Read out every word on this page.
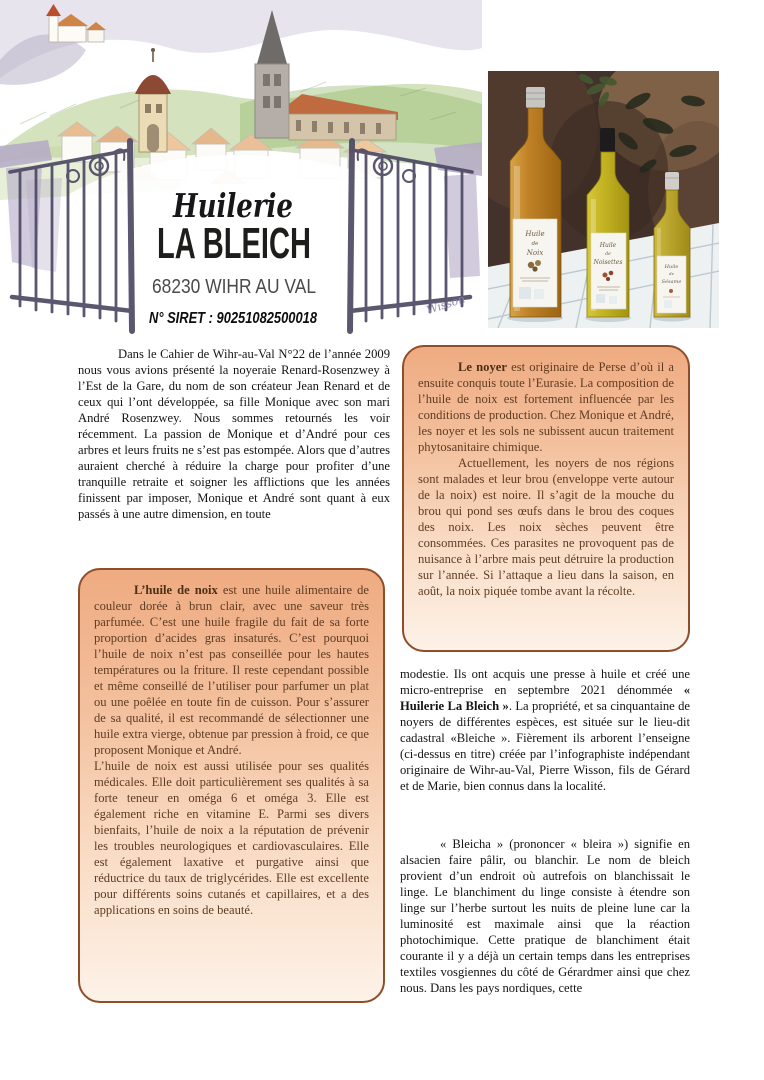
Wisson
Huilerie
LA BLEICH
68230 WIHR AU VAL
N° SIRET : 90251082500018
Huile
de
Noix
Huile
de
Noisettes
Huile
de
Sésame

Dans le Cahier de Wihr-au-Val N°22 de l’année 2009 nous vous avions présenté la noyeraie Renard-Rosenzwey à l’Est de la Gare, du nom de son créateur Jean Renard et de ceux qui l’ont développée, sa fille Monique avec son mari André Rosenzwey. Nous sommes retournés les voir récemment. La passion de Monique et d’André pour ces arbres et leurs fruits ne s’est pas estompée. Alors que d’autres auraient cherché à réduire la charge pour profiter d’une tranquille retraite et soigner les afflictions que les années finissent par imposer, Monique et André sont quant à eux passés à une autre dimension, en toute

Le noyer est originaire de Perse d’où il a ensuite conquis toute l’Eurasie. La composition de l’huile de noix est fortement influencée par les conditions de production. Chez Monique et André, les noyer et les sols ne subissent aucun traitement phytosanitaire chimique.

Actuellement, les noyers de nos régions sont malades et leur brou (enveloppe verte autour de la noix) est noire. Il s’agit de la mouche du brou qui pond ses œufs dans le brou des coques des noix. Les noix sèches peuvent être consommées. Ces parasites ne provoquent pas de nuisance à l’arbre mais peut détruire la production sur l’année. Si l’attaque a lieu dans la saison, en août, la noix piquée tombe avant la récolte.

L’huile de noix est une huile alimentaire de couleur dorée à brun clair, avec une saveur très parfumée. C’est une huile fragile du fait de sa forte proportion d’acides gras insaturés. C’est pourquoi l’huile de noix n’est pas conseillée pour les hautes températures ou la friture. Il reste cependant possible et même conseillé de l’utiliser pour parfumer un plat ou une poêlée en toute fin de cuisson. Pour s’assurer de sa qualité, il est recommandé de sélectionner une huile extra vierge, obtenue par pression à froid, ce que proposent Monique et André.

L’huile de noix est aussi utilisée pour ses qualités médicales. Elle doit particulièrement ses qualités à sa forte teneur en oméga 6 et oméga 3. Elle est également riche en vitamine E. Parmi ses divers bienfaits, l’huile de noix a la réputation de prévenir les troubles neurologiques et cardiovasculaires. Elle est également laxative et purgative ainsi que réductrice du taux de triglycérides. Elle est excellente pour différents soins cutanés et capillaires, et a des applications en soins de beauté.

modestie. Ils ont acquis une presse à huile et créé une micro-entreprise en septembre 2021 dénommée « Huilerie La Bleich ». La propriété, et sa cinquantaine de noyers de différentes espèces, est située sur le lieu-dit cadastral «Bleiche ». Fièrement ils arborent l’enseigne (ci-dessus en titre) créée par l’infographiste indépendant originaire de Wihr-au-Val, Pierre Wisson, fils de Gérard et de Marie, bien connus dans la localité.

« Bleicha » (prononcer « bleira ») signifie en alsacien faire pâlir, ou blanchir. Le nom de bleich provient d’un endroit où autrefois on blanchissait le linge. Le blanchiment du linge consiste à étendre son linge sur l’herbe surtout les nuits de pleine lune car la luminosité est maximale ainsi que la réaction photochimique. Cette pratique de blanchiment était courante il y a déjà un certain temps dans les entreprises textiles vosgiennes du côté de Gérardmer ainsi que chez nous. Dans les pays nordiques, cette
